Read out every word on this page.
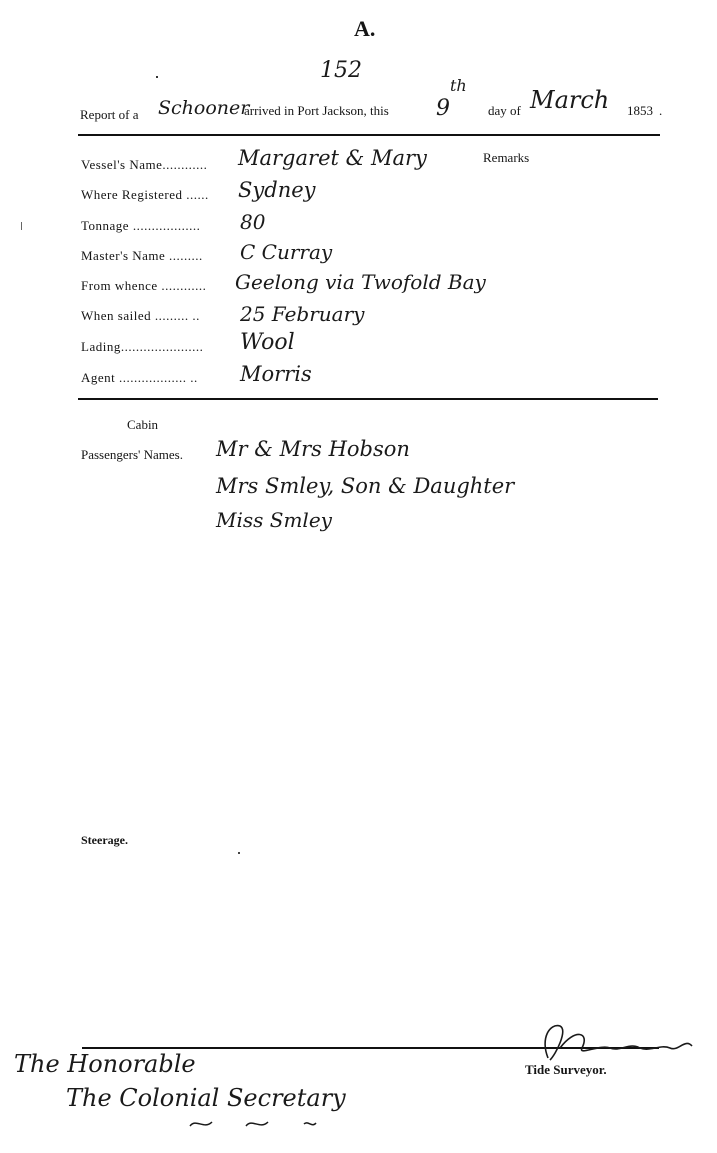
A.
152
Report of a Schooner
arrived in Port Jackson, this 9
th
day of March 1853 .
Vessel's Name............ Margaret & Mary	Remarks
Where Registered ...... Sydney
Tonnage .................. 80
Master's Name ......... C Curray
From whence ............ Geelong via Twofold Bay
When sailed ......... .. 25 February
Lading...................... Wool
Agent .................. .. Morris
Cabin
Passengers' Names. Mr & Mrs Hobson
Mrs Smley, Son & Daughter
Miss Smley
Steerage.
Tide Surveyor.
The Honorable
The Colonial Secretary
